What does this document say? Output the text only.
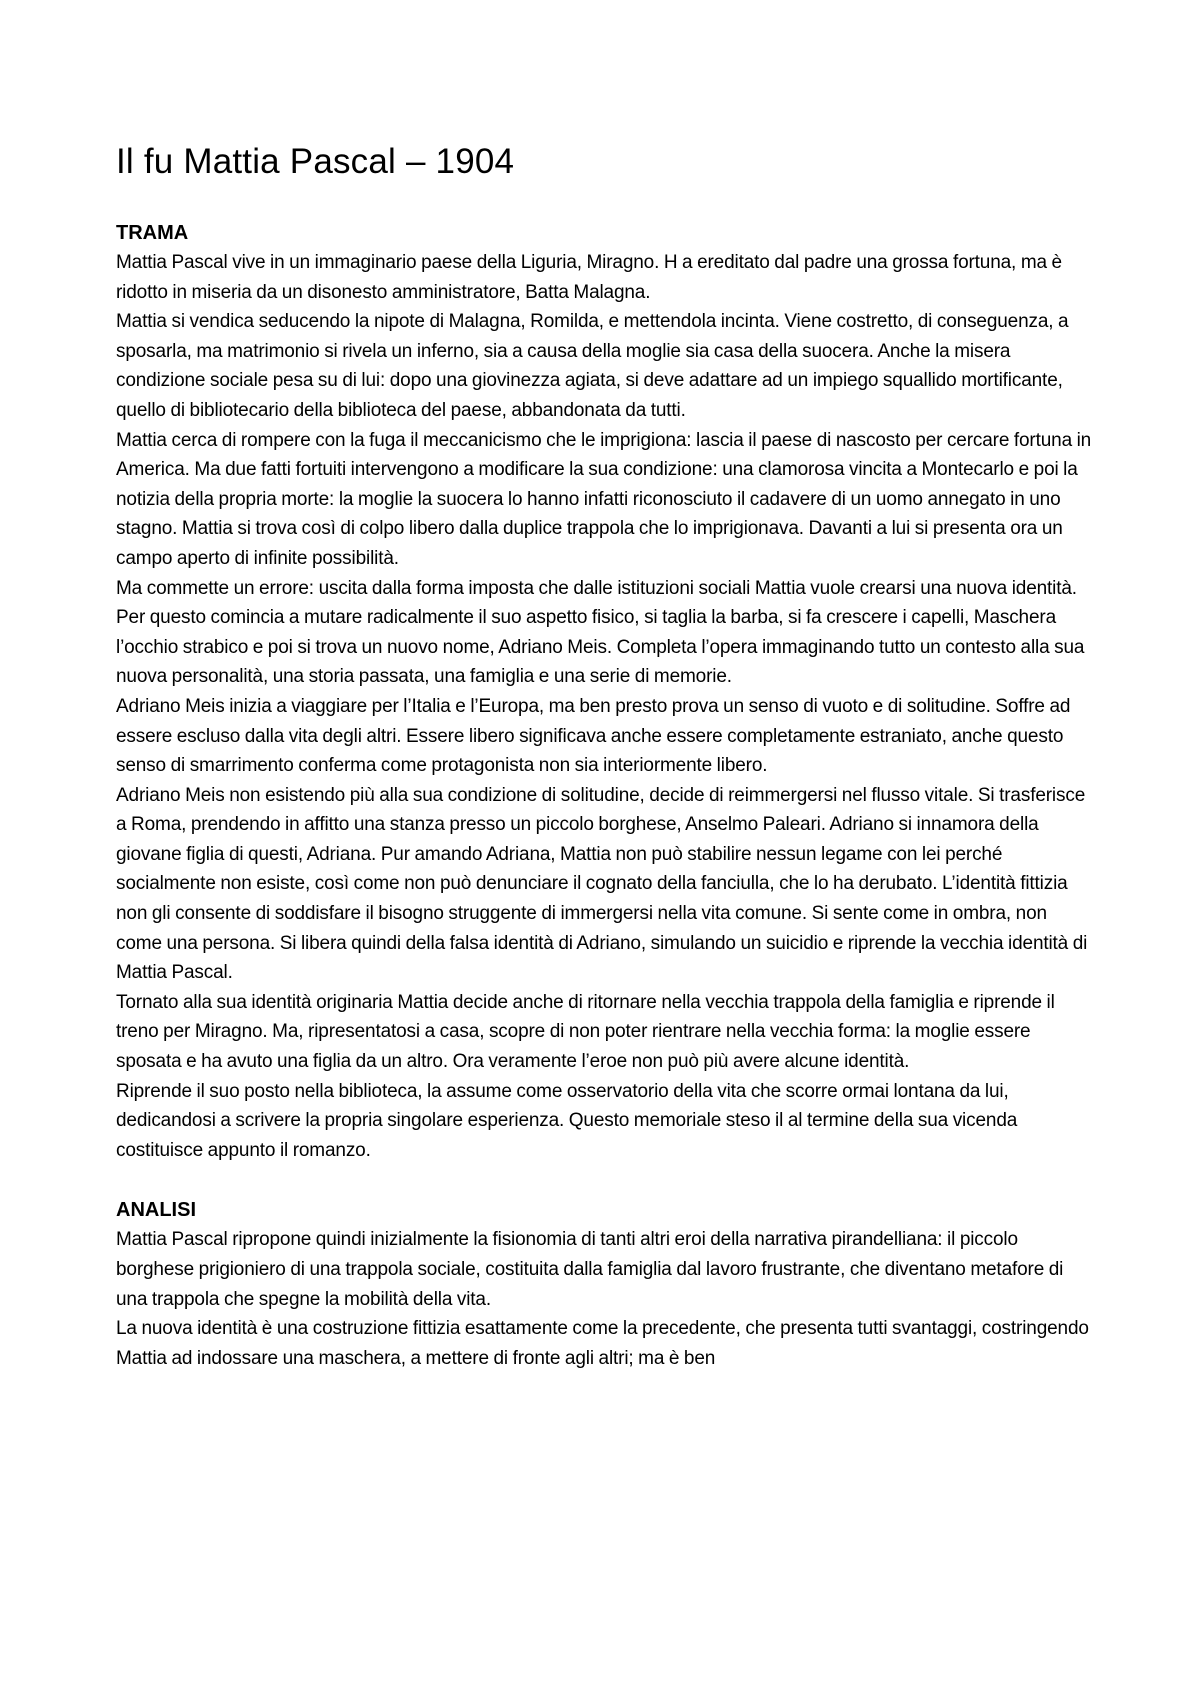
Il fu Mattia Pascal – 1904
TRAMA

Mattia Pascal vive in un immaginario paese della Liguria, Miragno. H a ereditato dal padre una grossa fortuna, ma è ridotto in miseria da un disonesto amministratore, Batta Malagna.

Mattia si vendica seducendo la nipote di Malagna, Romilda, e mettendola incinta. Viene costretto, di conseguenza, a sposarla, ma matrimonio si rivela un inferno, sia a causa della moglie sia casa della suocera. Anche la misera condizione sociale pesa su di lui: dopo una giovinezza agiata, si deve adattare ad un impiego squallido mortificante, quello di bibliotecario della biblioteca del paese, abbandonata da tutti.

Mattia cerca di rompere con la fuga il meccanicismo che le imprigiona: lascia il paese di nascosto per cercare fortuna in America. Ma due fatti fortuiti intervengono a modificare la sua condizione: una clamorosa vincita a Montecarlo e poi la notizia della propria morte: la moglie la suocera lo hanno infatti riconosciuto il cadavere di un uomo annegato in uno stagno. Mattia si trova così di colpo libero dalla duplice trappola che lo imprigionava. Davanti a lui si presenta ora un campo aperto di infinite possibilità.

Ma commette un errore: uscita dalla forma imposta che dalle istituzioni sociali Mattia vuole crearsi una nuova identità. Per questo comincia a mutare radicalmente il suo aspetto fisico, si taglia la barba, si fa crescere i capelli, Maschera l’occhio strabico e poi si trova un nuovo nome, Adriano Meis. Completa l’opera immaginando tutto un contesto alla sua nuova personalità, una storia passata, una famiglia e una serie di memorie.

Adriano Meis inizia a viaggiare per l’Italia e l’Europa, ma ben presto prova un senso di vuoto e di solitudine. Soffre ad essere escluso dalla vita degli altri. Essere libero significava anche essere completamente estraniato, anche questo senso di smarrimento conferma come protagonista non sia interiormente libero.

Adriano Meis non esistendo più alla sua condizione di solitudine, decide di reimmergersi nel flusso vitale. Si trasferisce a Roma, prendendo in affitto una stanza presso un piccolo borghese, Anselmo Paleari. Adriano si innamora della giovane figlia di questi, Adriana. Pur amando Adriana, Mattia non può stabilire nessun legame con lei perché socialmente non esiste, così come non può denunciare il cognato della fanciulla, che lo ha derubato. L’identità fittizia non gli consente di soddisfare il bisogno struggente di immergersi nella vita comune. Si sente come in ombra, non come una persona. Si libera quindi della falsa identità di Adriano, simulando un suicidio e riprende la vecchia identità di Mattia Pascal.

Tornato alla sua identità originaria Mattia decide anche di ritornare nella vecchia trappola della famiglia e riprende il treno per Miragno. Ma, ripresentatosi a casa, scopre di non poter rientrare nella vecchia forma: la moglie essere sposata e ha avuto una figlia da un altro. Ora veramente l’eroe non può più avere alcune identità.

Riprende il suo posto nella biblioteca, la assume come osservatorio della vita che scorre ormai lontana da lui, dedicandosi a scrivere la propria singolare esperienza. Questo memoriale steso il al termine della sua vicenda costituisce appunto il romanzo.

ANALISI

Mattia Pascal ripropone quindi inizialmente la fisionomia di tanti altri eroi della narrativa pirandelliana: il piccolo borghese prigioniero di una trappola sociale, costituita dalla famiglia dal lavoro frustrante, che diventano metafore di una trappola che spegne la mobilità della vita.

La nuova identità è una costruzione fittizia esattamente come la precedente, che presenta tutti svantaggi, costringendo Mattia ad indossare una maschera, a mettere di fronte agli altri; ma è ben
